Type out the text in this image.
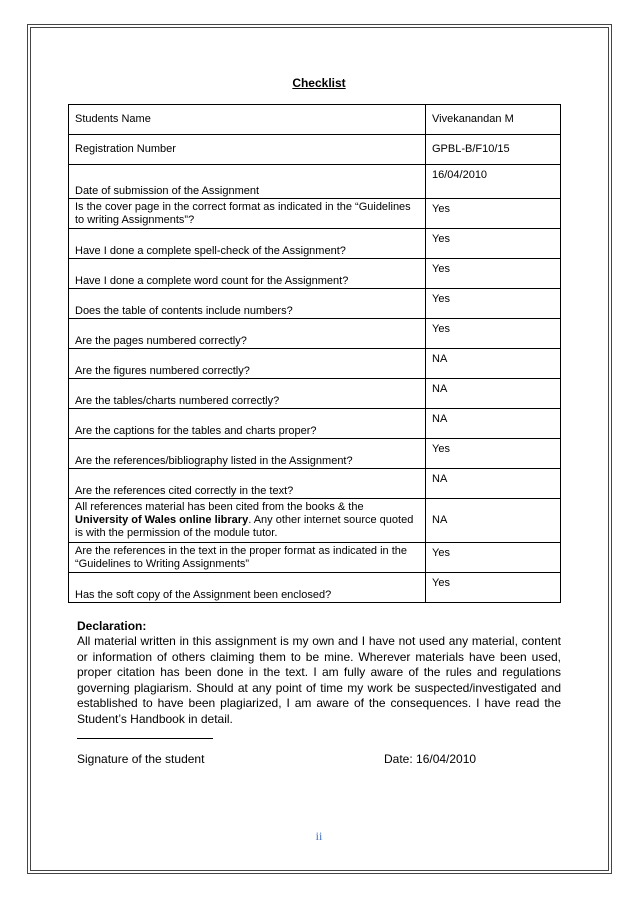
Checklist
Students Name	Vivekanandan M
Registration Number	GPBL-B/F10/15
Date of submission of the Assignment	16/04/2010
Is the cover page in the correct format as indicated in the “Guidelines to writing Assignments”?	Yes
Have I done a complete spell-check of the Assignment?	Yes
Have I done a complete word count for the Assignment?	Yes
Does the table of contents include numbers?	Yes
Are the pages numbered correctly?	Yes
Are the figures numbered correctly?	NA
Are the tables/charts numbered correctly?	NA
Are the captions for the tables and charts proper?	NA
Are the references/bibliography listed in the Assignment?	Yes
Are the references cited correctly in the text?	NA
All references material has been cited from the books & the University of Wales online library. Any other internet source quoted is with the permission of the module tutor.	NA
Are the references in the text in the proper format as indicated in the “Guidelines to Writing Assignments”	Yes
Has the soft copy of the Assignment been enclosed?	Yes
Declaration:
All material written in this assignment is my own and I have not used any material, content or information of others claiming them to be mine. Wherever materials have been used, proper citation has been done in the text. I am fully aware of the rules and regulations governing plagiarism. Should at any point of time my work be suspected/investigated and established to have been plagiarized, I am aware of the consequences. I have read the Student’s Handbook in detail.
Signature of the student	Date: 16/04/2010
ii
